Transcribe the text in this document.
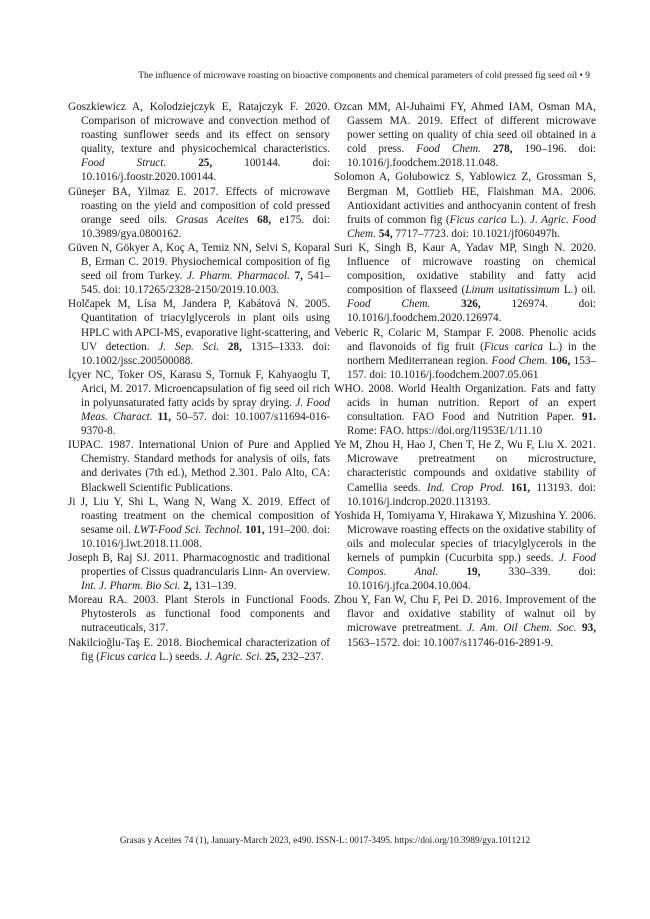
The influence of microwave roasting on bioactive components and chemical parameters of cold pressed fig seed oil • 9
Goszkiewicz A, Kolodziejczyk E, Ratajczyk F. 2020. Comparison of microwave and convection method of roasting sunflower seeds and its effect on sensory quality, texture and physicochemical characteristics. Food Struct.	25,	100144. doi: 10.1016/j.foostr.2020.100144.
Güneşer BA, Yilmaz E. 2017. Effects of microwave roasting on the yield and composition of cold pressed orange seed oils. Grasas Aceites 68, e175. doi: 10.3989/gya.0800162.
Güven N, Gökyer A, Koç A, Temiz NN, Selvi S, Koparal B, Erman C. 2019. Physiochemical composition of fig seed oil from Turkey. J. Pharm. Pharmacol. 7, 541–545. doi: 10.17265/2328-2150/2019.10.003.
Holčapek M, Lísa M, Jandera P, Kabátová N. 2005. Quantitation of triacylglycerols in plant oils using HPLC with APCI-MS, evaporative light-scattering, and UV detection. J. Sep. Sci. 28, 1315–1333. doi: 10.1002/jssc.200500088.
İçyer NC, Toker OS, Karasu S, Tornuk F, Kahyaoglu T, Arici, M. 2017. Microencapsulation of fig seed oil rich in polyunsaturated fatty acids by spray drying. J. Food Meas. Charact. 11, 50–57. doi: 10.1007/s11694-016-9370-8.
IUPAC. 1987. International Union of Pure and Applied Chemistry. Standard methods for analysis of oils, fats and derivates (7th ed.), Method 2.301. Palo Alto, CA: Blackwell Scientific Publications.
Ji J, Liu Y, Shi L, Wang N, Wang X. 2019. Effect of roasting treatment on the chemical composition of sesame oil. LWT-Food Sci. Technol. 101, 191–200. doi: 10.1016/j.lwt.2018.11.008.
Joseph B, Raj SJ. 2011. Pharmacognostic and traditional properties of Cissus quadrancularis Linn- An overview. Int. J. Pharm. Bio Sci. 2, 131–139.
Moreau RA. 2003. Plant Sterols in Functional Foods. Phytosterols as functional food components and nutraceuticals, 317.
Nakilcioğlu-Taş E. 2018. Biochemical characterization of fig (Ficus carica L.) seeds. J. Agric. Sci. 25, 232–237.
Ozcan MM, Al-Juhaimi FY, Ahmed IAM, Osman MA, Gassem MA. 2019. Effect of different microwave power setting on quality of chia seed oil obtained in a cold press. Food Chem. 278, 190–196. doi: 10.1016/j.foodchem.2018.11.048.
Solomon A, Golubowicz S, Yablowicz Z, Grossman S, Bergman M, Gottlieb HE, Flaishman MA. 2006. Antioxidant activities and anthocyanin content of fresh fruits of common fig (Ficus carica L.). J. Agric. Food Chem. 54, 7717–7723. doi: 10.1021/jf060497h.
Suri K, Singh B, Kaur A, Yadav MP, Singh N. 2020. Influence of microwave roasting on chemical composition, oxidative stability and fatty acid composition of flaxseed (Linum usitatissimum L.) oil. Food Chem.	326,	126974. doi: 10.1016/j.foodchem.2020.126974.
Veberic R, Colaric M, Stampar F. 2008. Phenolic acids and flavonoids of fig fruit (Ficus carica L.) in the northern Mediterranean region. Food Chem. 106, 153–157. doi: 10.1016/j.foodchem.2007.05.061
WHO. 2008. World Health Organization. Fats and fatty acids in human nutrition. Report of an expert consultation. FAO Food and Nutrition Paper. 91. Rome: FAO. https://doi.org/I1953E/1/11.10
Ye M, Zhou H, Hao J, Chen T, He Z, Wu F, Liu X. 2021. Microwave pretreatment on microstructure, characteristic compounds and oxidative stability of Camellia seeds. Ind. Crop Prod. 161, 113193. doi: 10.1016/j.indcrop.2020.113193.
Yoshida H, Tomiyama Y, Hirakawa Y, Mizushina Y. 2006. Microwave roasting effects on the oxidative stability of oils and molecular species of triacylglycerols in the kernels of pumpkin (Cucurbita spp.) seeds. J. Food Compos. Anal.	19,	330–339. doi: 10.1016/j.jfca.2004.10.004.
Zhou Y, Fan W, Chu F, Pei D. 2016. Improvement of the flavor and oxidative stability of walnut oil by microwave pretreatment. J. Am. Oil Chem. Soc. 93, 1563–1572. doi: 10.1007/s11746-016-2891-9.
Grasas y Aceites 74 (1), January-March 2023, e490. ISSN-L: 0017-3495. https://doi.org/10.3989/gya.1011212
